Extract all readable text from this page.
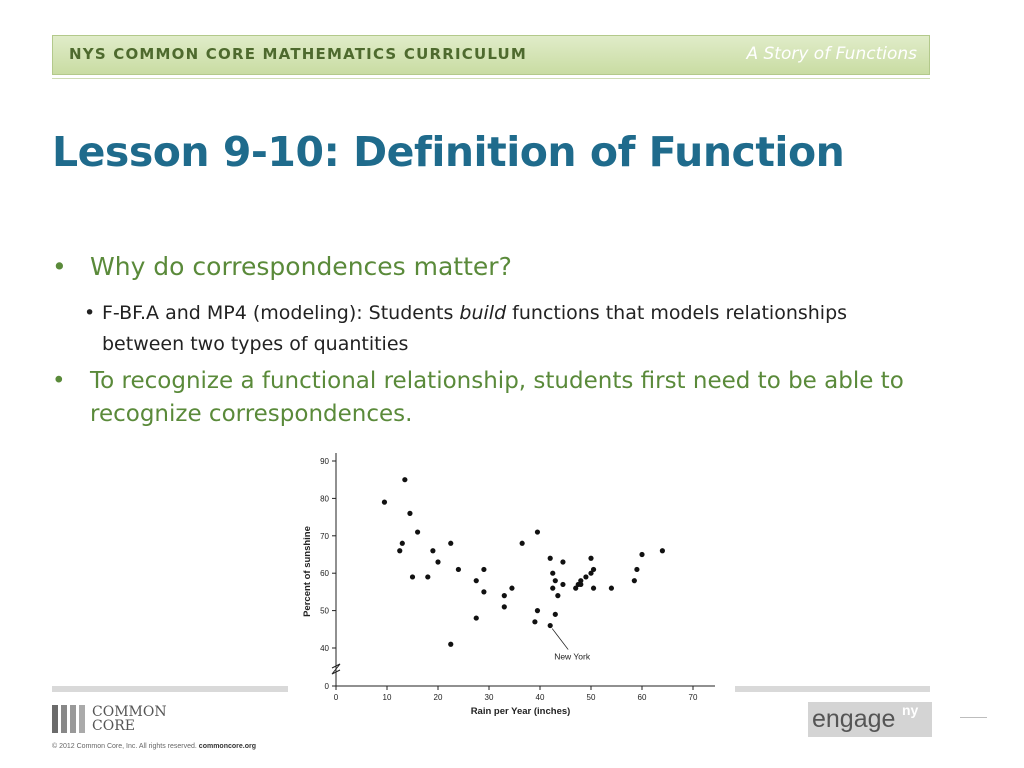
NYS COMMON CORE MATHEMATICS CURRICULUM	A Story of Functions
Lesson 9-10: Definition of Function
• Why do correspondences matter?
• F-BF.A and MP4 (modeling): Students build functions that models relationships between two types of quantities
• To recognize a functional relationship, students first need to be able to recognize correspondences.
0
40
50
60
70
80
90
0	10	20	30	40	50	60	70
Rain per Year (inches)
Percent of sunshine
New York
COMMON
CORE
© 2012 Common Core, Inc. All rights reserved. commoncore.org
engage ny
